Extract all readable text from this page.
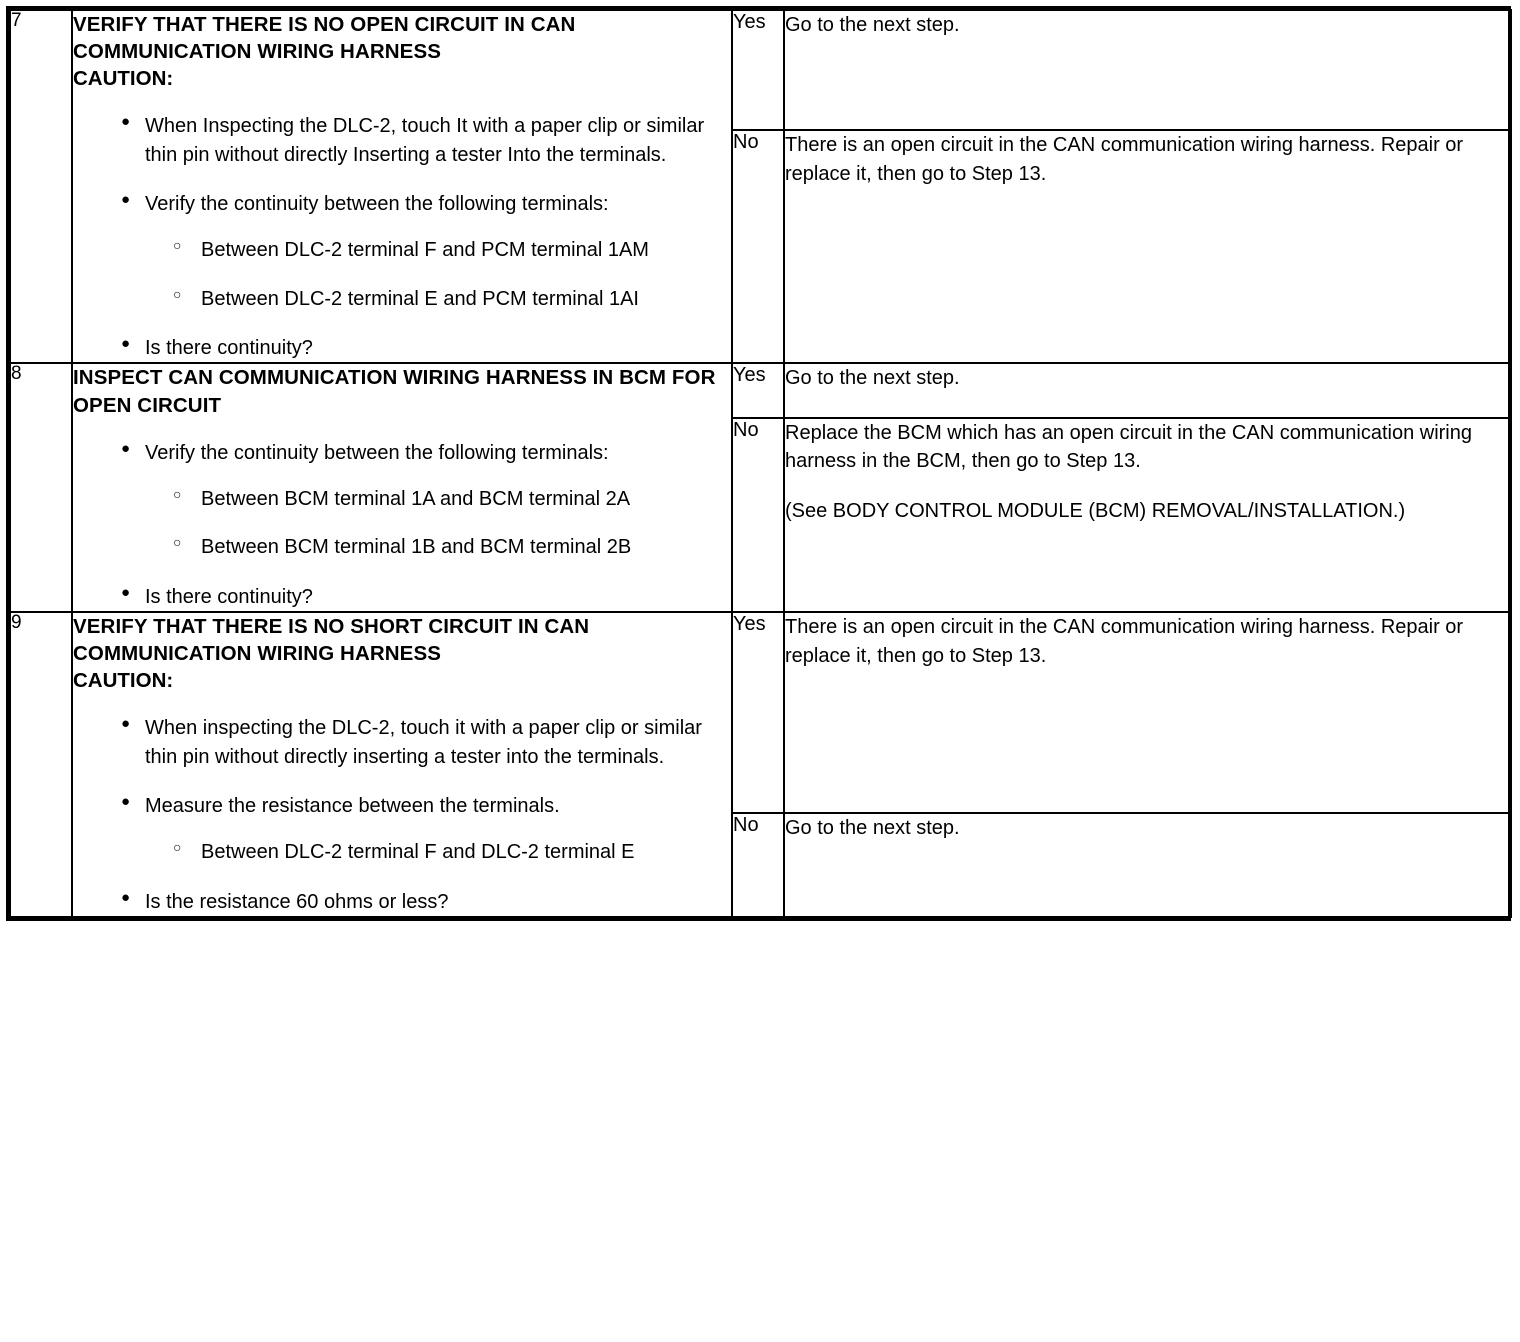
7	VERIFY THAT THERE IS NO OPEN CIRCUIT IN CAN COMMUNICATION WIRING HARNESS
CAUTION:
● When Inspecting the DLC-2, touch It with a paper clip or similar thin pin without directly Inserting a tester Into the terminals.
● Verify the continuity between the following terminals:
○ Between DLC-2 terminal F and PCM terminal 1AM
○ Between DLC-2 terminal E and PCM terminal 1AI
● Is there continuity?
	Yes	Go to the next step.

		No	There is an open circuit in the CAN communication wiring harness. Repair or replace it, then go to Step 13.

8	INSPECT CAN COMMUNICATION WIRING HARNESS IN BCM FOR OPEN CIRCUIT
● Verify the continuity between the following terminals:
○ Between BCM terminal 1A and BCM terminal 2A
○ Between BCM terminal 1B and BCM terminal 2B
● Is there continuity?
	Yes	Go to the next step.

		No	Replace the BCM which has an open circuit in the CAN communication wiring harness in the BCM, then go to Step 13.

(See BODY CONTROL MODULE (BCM) REMOVAL/INSTALLATION.)

9	VERIFY THAT THERE IS NO SHORT CIRCUIT IN CAN COMMUNICATION WIRING HARNESS
CAUTION:
● When inspecting the DLC-2, touch it with a paper clip or similar thin pin without directly inserting a tester into the terminals.
● Measure the resistance between the terminals.
○ Between DLC-2 terminal F and DLC-2 terminal E
● Is the resistance 60 ohms or less?
	Yes	There is an open circuit in the CAN communication wiring harness. Repair or replace it, then go to Step 13.

		No	Go to the next step.
